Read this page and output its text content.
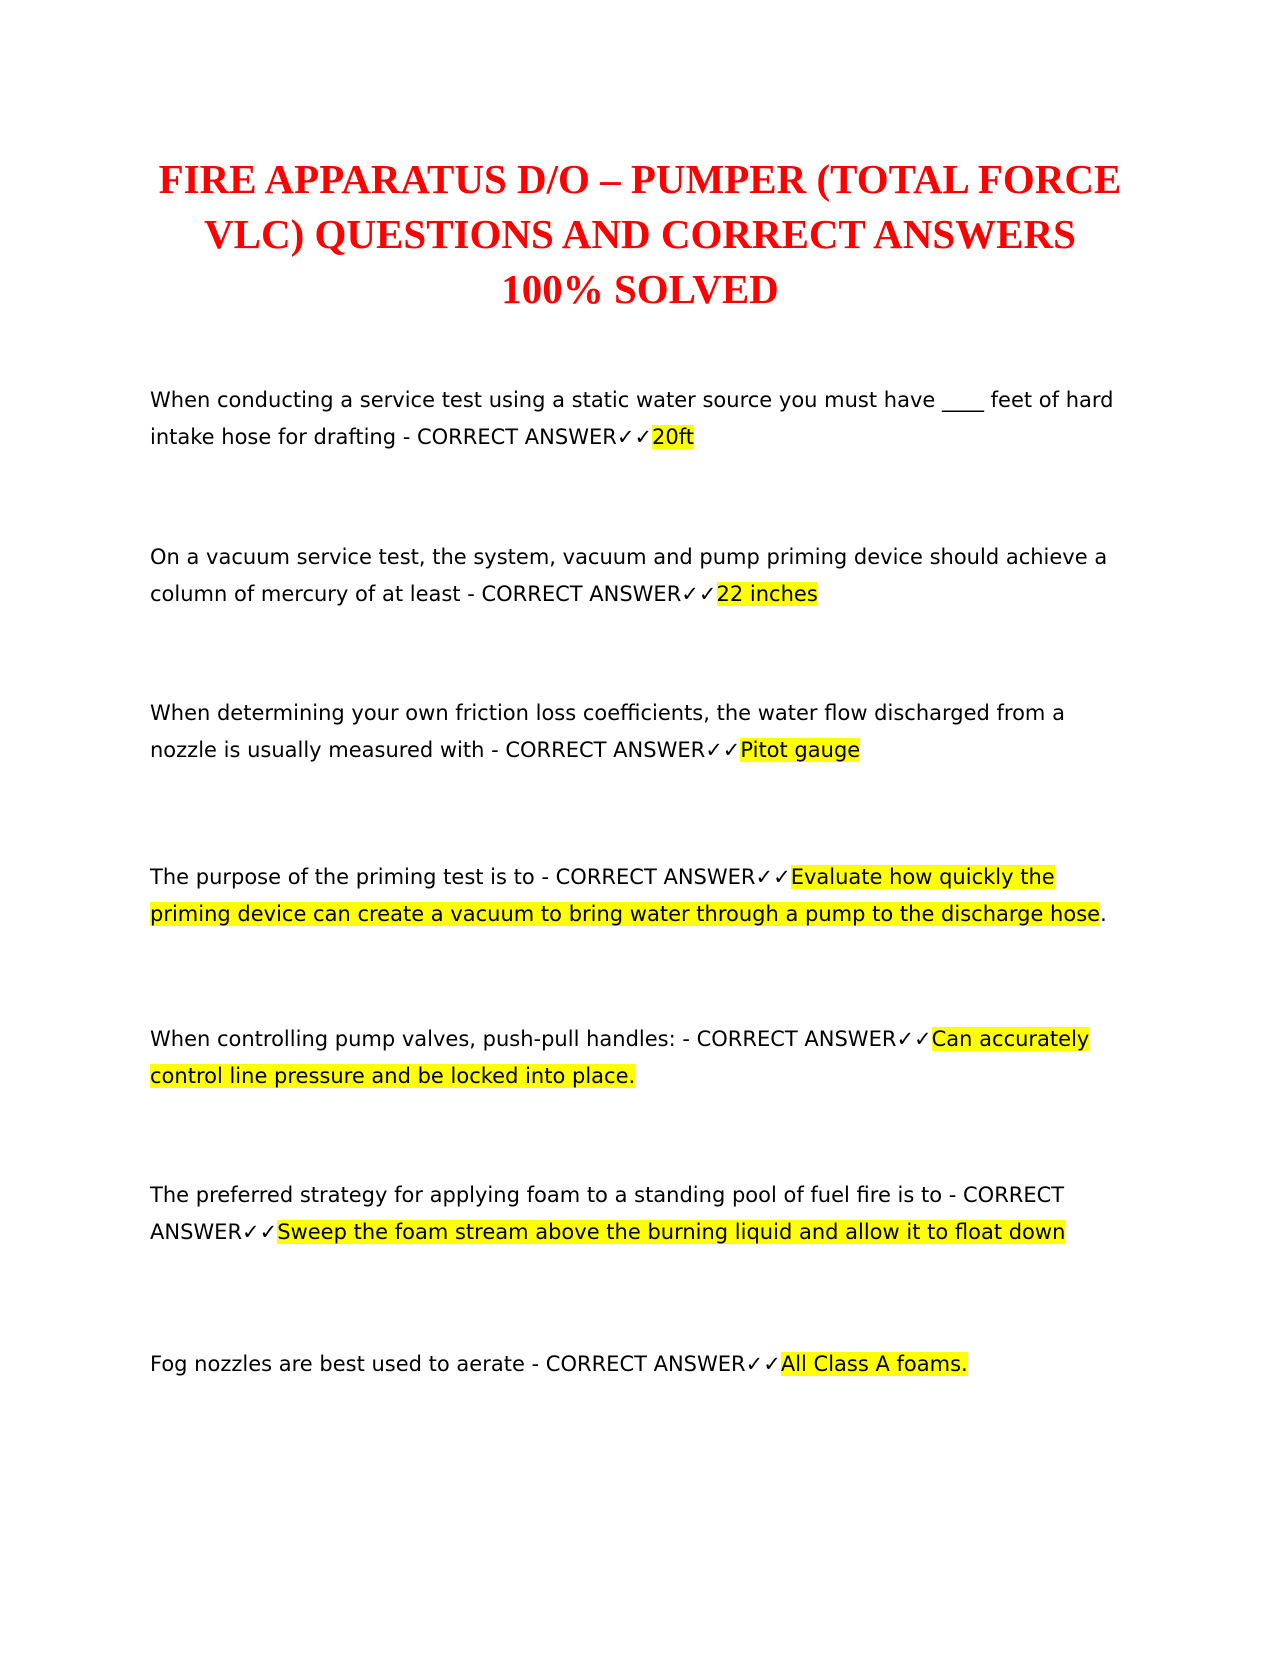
FIRE APPARATUS D/O – PUMPER (TOTAL FORCE VLC) QUESTIONS AND CORRECT ANSWERS 100% SOLVED

When conducting a service test using a static water source you must have ____ feet of hard intake hose for drafting - CORRECT ANSWER✓✓20ft

On a vacuum service test, the system, vacuum and pump priming device should achieve a column of mercury of at least - CORRECT ANSWER✓✓22 inches

When determining your own friction loss coefficients, the water flow discharged from a nozzle is usually measured with - CORRECT ANSWER✓✓Pitot gauge

The purpose of the priming test is to - CORRECT ANSWER✓✓Evaluate how quickly the priming device can create a vacuum to bring water through a pump to the discharge hose.

When controlling pump valves, push-pull handles: - CORRECT ANSWER✓✓Can accurately control line pressure and be locked into place.

The preferred strategy for applying foam to a standing pool of fuel fire is to - CORRECT ANSWER✓✓Sweep the foam stream above the burning liquid and allow it to float down

Fog nozzles are best used to aerate - CORRECT ANSWER✓✓All Class A foams.
